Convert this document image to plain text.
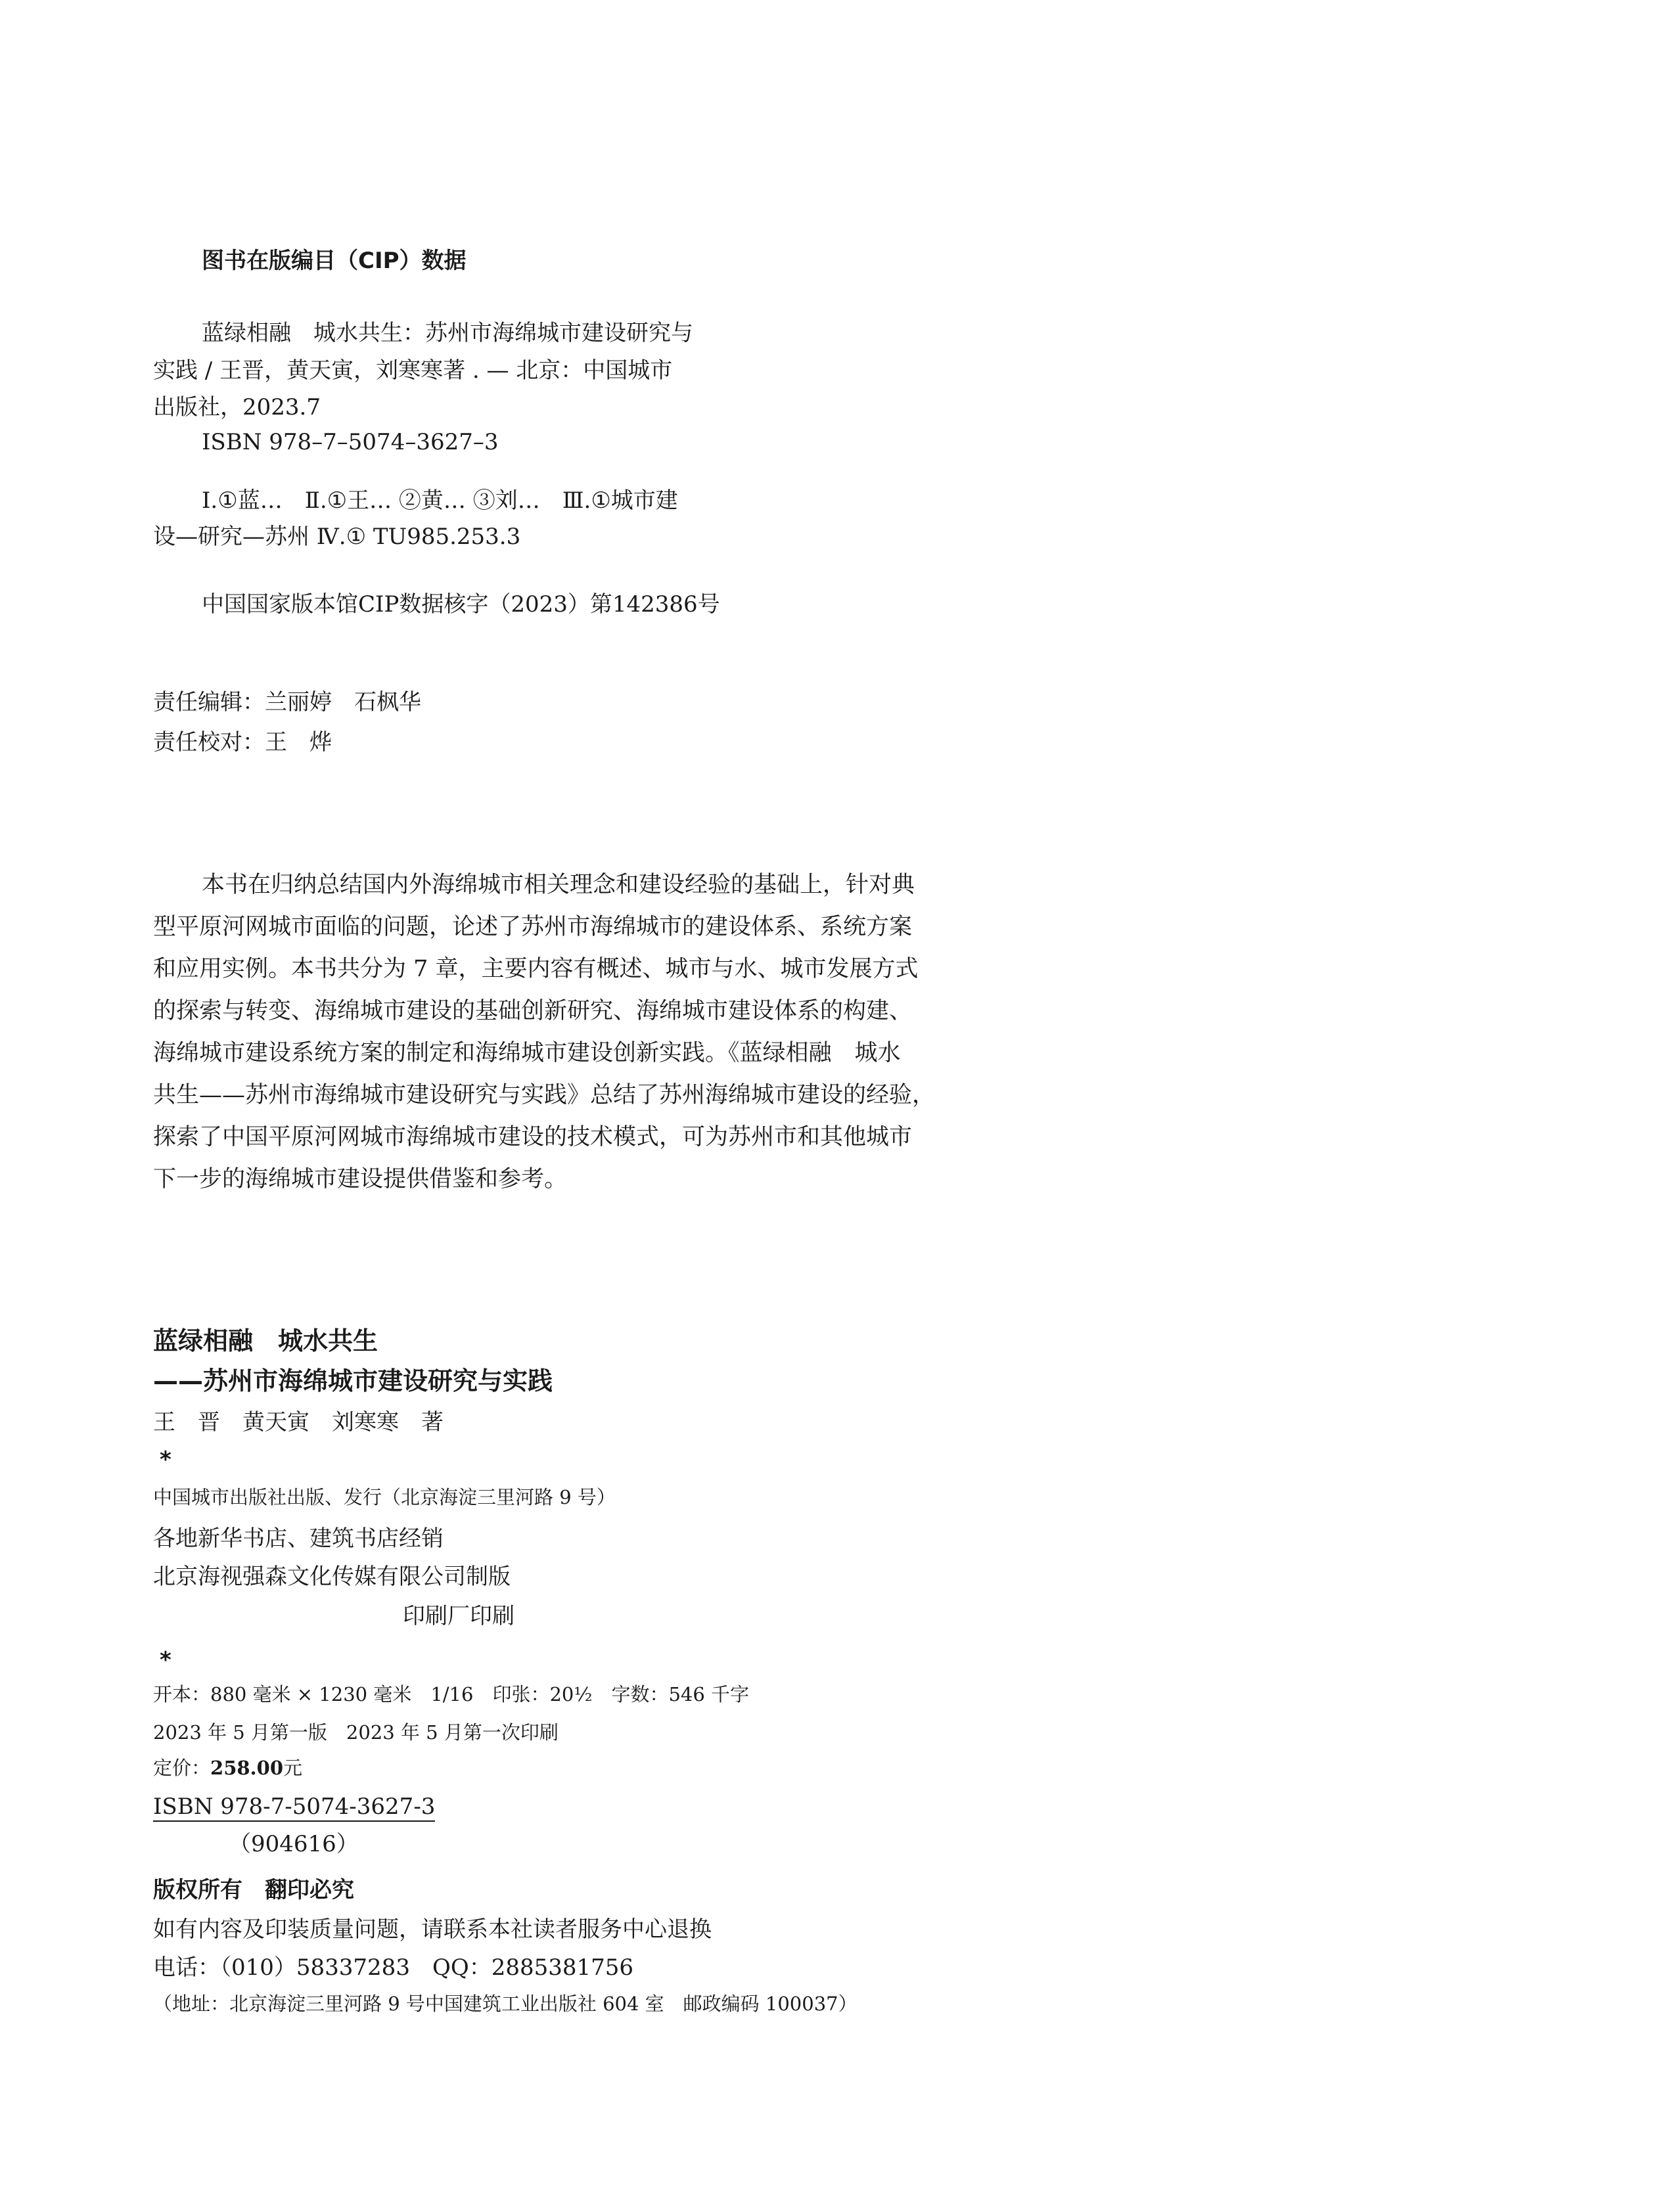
图书在版编目（CIP）数据
蓝绿相融　城水共生：苏州市海绵城市建设研究与
实践 / 王晋，黄天寅，刘寒寒著 . — 北京：中国城市
出版社，2023.7
ISBN 978–7–5074–3627–3
Ⅰ.①蓝…　Ⅱ.①王… ②黄… ③刘…　Ⅲ.①城市建
设—研究—苏州 Ⅳ.① TU985.253.3
中国国家版本馆CIP数据核字（2023）第142386号
责任编辑：兰丽婷　石枫华
责任校对：王　烨
本书在归纳总结国内外海绵城市相关理念和建设经验的基础上，针对典
型平原河网城市面临的问题，论述了苏州市海绵城市的建设体系、系统方案
和应用实例。本书共分为 7 章，主要内容有概述、城市与水、城市发展方式
的探索与转变、海绵城市建设的基础创新研究、海绵城市建设体系的构建、
海绵城市建设系统方案的制定和海绵城市建设创新实践。《蓝绿相融　城水
共生——苏州市海绵城市建设研究与实践》总结了苏州海绵城市建设的经验，
探索了中国平原河网城市海绵城市建设的技术模式，可为苏州市和其他城市
下一步的海绵城市建设提供借鉴和参考。
蓝绿相融　城水共生
——苏州市海绵城市建设研究与实践
王　晋　黄天寅　刘寒寒　著
*
中国城市出版社出版、发行（北京海淀三里河路 9 号）
各地新华书店、建筑书店经销
北京海视强森文化传媒有限公司制版
印刷厂印刷
*
开本：880 毫米 × 1230 毫米　1/16　印张：20½　字数：546 千字
2023 年 5 月第一版　2023 年 5 月第一次印刷
定价：258.00元
ISBN 978-7-5074-3627-3
（904616）
版权所有　翻印必究
如有内容及印装质量问题，请联系本社读者服务中心退换
电话：（010）58337283　QQ：2885381756
（地址：北京海淀三里河路 9 号中国建筑工业出版社 604 室　邮政编码 100037）
